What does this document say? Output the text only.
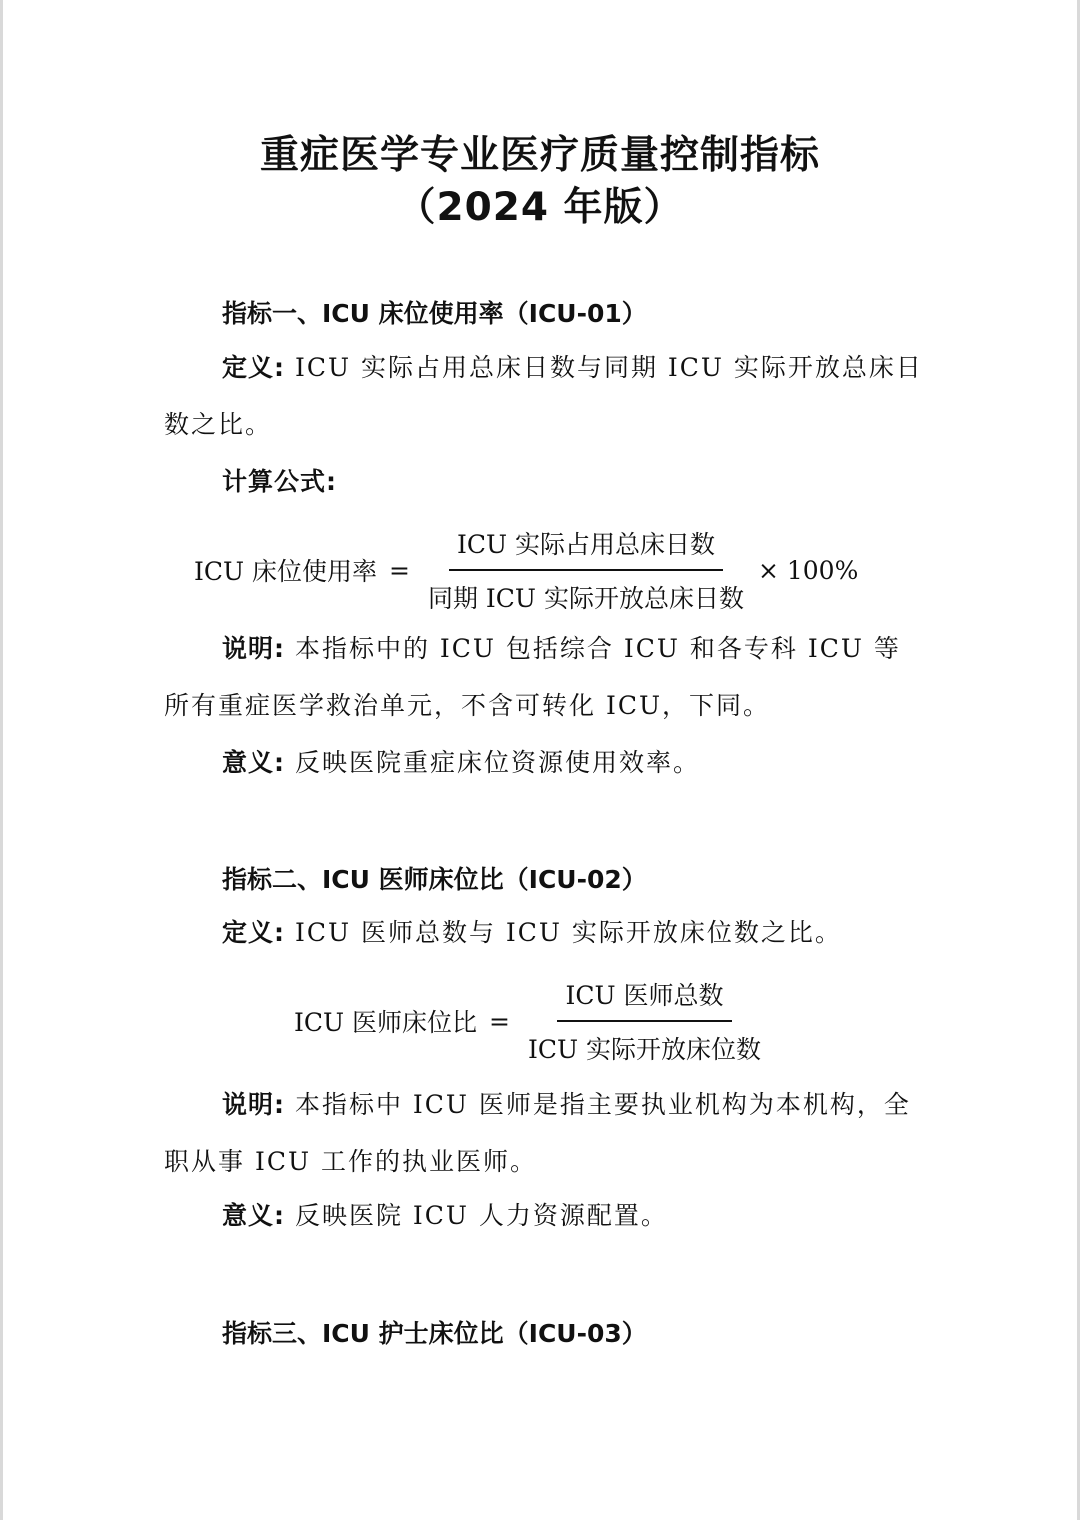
重症医学专业医疗质量控制指标
（2024 年版）
指标一、ICU 床位使用率（ICU-01）
定义: ICU 实际占用总床日数与同期 ICU 实际开放总床日数之比。
计算公式:
ICU 床位使用率 = $\frac{\text{ICU 实际占用总床日数}}{\text{同期 ICU 实际开放总床日数}} \times 100\%$
说明: 本指标中的 ICU 包括综合 ICU 和各专科 ICU 等所有重症医学救治单元，不含可转化 ICU，下同。
意义: 反映医院重症床位资源使用效率。
指标二、ICU 医师床位比（ICU-02）
定义: ICU 医师总数与 ICU 实际开放床位数之比。
ICU 医师床位比 = $\frac{\text{ICU 医师总数}}{\text{ICU 实际开放床位数}}$
说明: 本指标中 ICU 医师是指主要执业机构为本机构，全职从事 ICU 工作的执业医师。
意义: 反映医院 ICU 人力资源配置。
指标三、ICU 护士床位比（ICU-03）
